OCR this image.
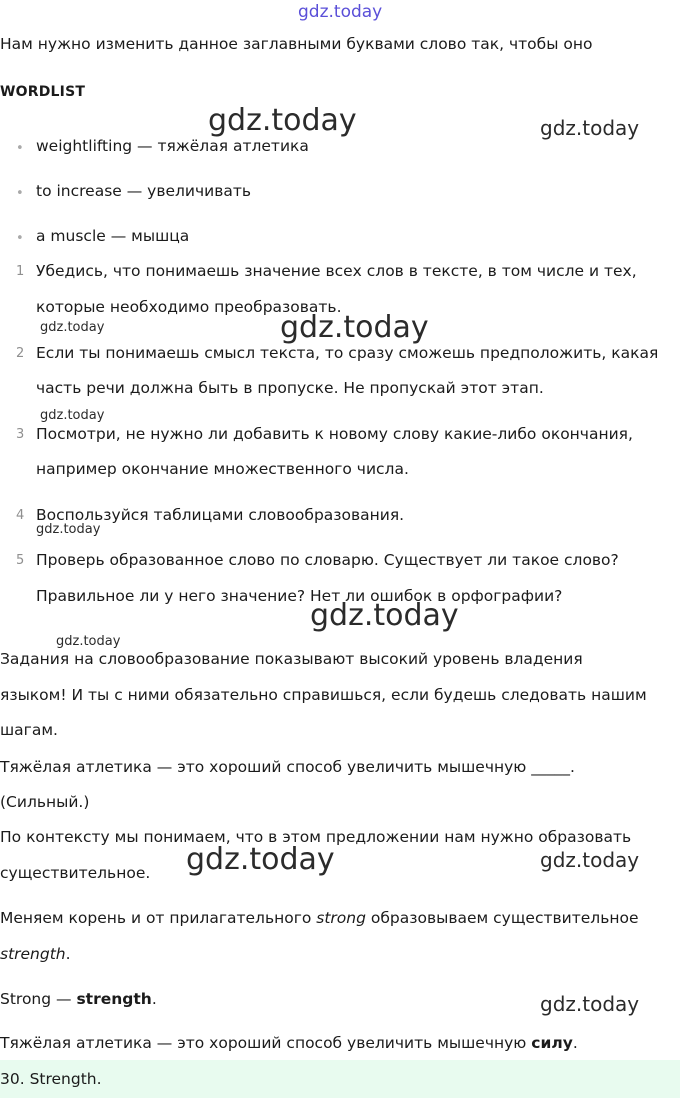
gdz.today
Нам нужно изменить данное заглавными буквами слово так, чтобы оно
WORDLIST
gdz.today	gdz.today
• weightlifting — тяжёлая атлетика
• to increase — увеличивать
• a muscle — мышца
1 Убедись, что понимаешь значение всех слов в тексте, в том числе и тех,
которые необходимо преобразовать.
gdz.today	gdz.today
2 Если ты понимаешь смысл текста, то сразу сможешь предположить, какая
часть речи должна быть в пропуске. Не пропускай этот этап.
gdz.today
3 Посмотри, не нужно ли добавить к новому слову какие-либо окончания,
например окончание множественного числа.
4 Воспользуйся таблицами словообразования.
gdz.today
5 Проверь образованное слово по словарю. Существует ли такое слово?
Правильное ли у него значение? Нет ли ошибок в орфографии?
gdz.today
gdz.today
Задания на словообразование показывают высокий уровень владения
языком! И ты с ними обязательно справишься, если будешь следовать нашим
шагам.
Тяжёлая атлетика — это хороший способ увеличить мышечную _____.
(Сильный.)
По контексту мы понимаем, что в этом предложении нам нужно образовать
существительное. gdz.today	gdz.today
Меняем корень и от прилагательного strong образовываем существительное
strength.
Strong — strength.	gdz.today
Тяжёлая атлетика — это хороший способ увеличить мышечную силу.
30. Strength.
